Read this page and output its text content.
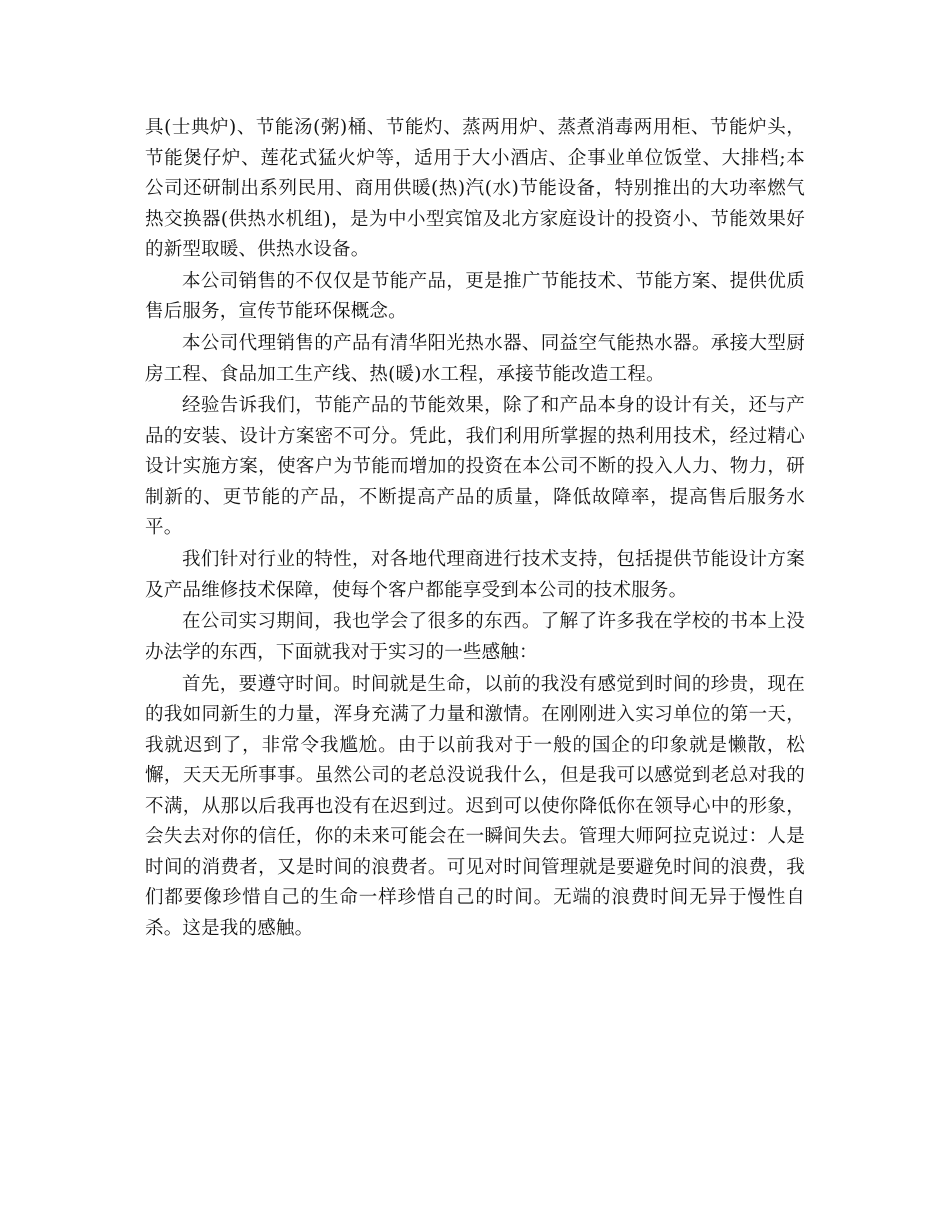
具(士典炉)、节能汤(粥)桶、节能灼、蒸两用炉、蒸煮消毒两用柜、节能炉头，节能煲仔炉、莲花式猛火炉等，适用于大小酒店、企事业单位饭堂、大排档;本公司还研制出系列民用、商用供暖(热)汽(水)节能设备，特别推出的大功率燃气热交换器(供热水机组)，是为中小型宾馆及北方家庭设计的投资小、节能效果好的新型取暖、供热水设备。

本公司销售的不仅仅是节能产品，更是推广节能技术、节能方案、提供优质售后服务，宣传节能环保概念。

本公司代理销售的产品有清华阳光热水器、同益空气能热水器。承接大型厨房工程、食品加工生产线、热(暖)水工程，承接节能改造工程。

经验告诉我们，节能产品的节能效果，除了和产品本身的设计有关，还与产品的安装、设计方案密不可分。凭此，我们利用所掌握的热利用技术，经过精心设计实施方案，使客户为节能而增加的投资在本公司不断的投入人力、物力，研制新的、更节能的产品，不断提高产品的质量，降低故障率，提高售后服务水平。

我们针对行业的特性，对各地代理商进行技术支持，包括提供节能设计方案及产品维修技术保障，使每个客户都能享受到本公司的技术服务。

在公司实习期间，我也学会了很多的东西。了解了许多我在学校的书本上没办法学的东西，下面就我对于实习的一些感触：

首先，要遵守时间。时间就是生命，以前的我没有感觉到时间的珍贵，现在的我如同新生的力量，浑身充满了力量和激情。在刚刚进入实习单位的第一天，我就迟到了，非常令我尴尬。由于以前我对于一般的国企的印象就是懒散，松懈，天天无所事事。虽然公司的老总没说我什么，但是我可以感觉到老总对我的不满，从那以后我再也没有在迟到过。迟到可以使你降低你在领导心中的形象，会失去对你的信任，你的未来可能会在一瞬间失去。管理大师阿拉克说过：人是时间的消费者，又是时间的浪费者。可见对时间管理就是要避免时间的浪费，我们都要像珍惜自己的生命一样珍惜自己的时间。无端的浪费时间无异于慢性自杀。这是我的感触。
